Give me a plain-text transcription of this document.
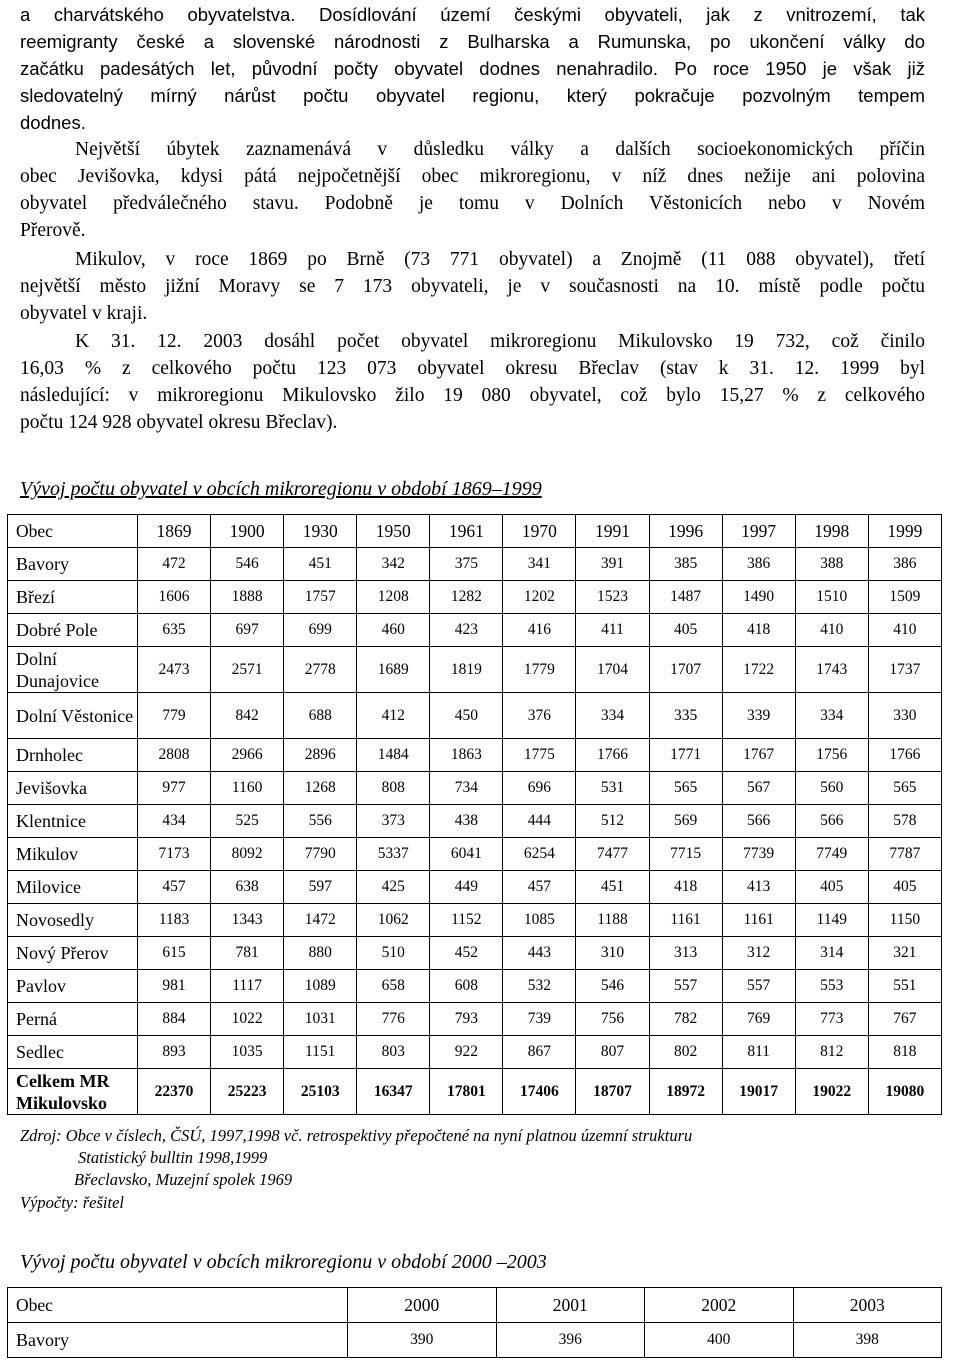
a charvátského obyvatelstva. Dosídlování území českými obyvateli, jak z vnitrozemí, tak
reemigranty české a slovenské národnosti z Bulharska a Rumunska, po ukončení války do
začátku padesátých let, původní počty obyvatel dodnes nenahradilo. Po roce 1950 je však již
sledovatelný mírný nárůst počtu obyvatel regionu, který pokračuje pozvolným tempem
dodnes.
Největší úbytek zaznamenává v důsledku války a dalších socioekonomických příčin
obec Jevišovka, kdysi pátá nejpočetnější obec mikroregionu, v níž dnes nežije ani polovina
obyvatel předválečného stavu. Podobně je tomu v Dolních Věstonicích nebo v Novém
Přerově.
Mikulov, v roce 1869 po Brně (73 771 obyvatel) a Znojmě (11 088 obyvatel), třetí
největší město jižní Moravy se 7 173 obyvateli, je v současnosti na 10. místě podle počtu
obyvatel v kraji.
K 31. 12. 2003 dosáhl počet obyvatel mikroregionu Mikulovsko 19 732, což činilo
16,03 % z celkového počtu 123 073 obyvatel okresu Břeclav (stav k 31. 12. 1999 byl
následující: v mikroregionu Mikulovsko žilo 19 080 obyvatel, což bylo 15,27 % z celkového
počtu 124 928 obyvatel okresu Břeclav).
Vývoj počtu obyvatel v obcích mikroregionu v období 1869–1999
Obec	1869	1900	1930	1950	1961	1970	1991	1996	1997	1998	1999
Bavory	472	546	451	342	375	341	391	385	386	388	386
Březí	1606	1888	1757	1208	1282	1202	1523	1487	1490	1510	1509
Dobré Pole	635	697	699	460	423	416	411	405	418	410	410
Dolní Dunajovice	2473	2571	2778	1689	1819	1779	1704	1707	1722	1743	1737
Dolní Věstonice	779	842	688	412	450	376	334	335	339	334	330
Drnholec	2808	2966	2896	1484	1863	1775	1766	1771	1767	1756	1766
Jevišovka	977	1160	1268	808	734	696	531	565	567	560	565
Klentnice	434	525	556	373	438	444	512	569	566	566	578
Mikulov	7173	8092	7790	5337	6041	6254	7477	7715	7739	7749	7787
Milovice	457	638	597	425	449	457	451	418	413	405	405
Novosedly	1183	1343	1472	1062	1152	1085	1188	1161	1161	1149	1150
Nový Přerov	615	781	880	510	452	443	310	313	312	314	321
Pavlov	981	1117	1089	658	608	532	546	557	557	553	551
Perná	884	1022	1031	776	793	739	756	782	769	773	767
Sedlec	893	1035	1151	803	922	867	807	802	811	812	818
Celkem MR Mikulovsko	22370	25223	25103	16347	17801	17406	18707	18972	19017	19022	19080
Zdroj: Obce v číslech, ČSÚ, 1997,1998 vč. retrospektivy přepočtené na nyní platnou územní strukturu
Statistický bulltin 1998,1999
Břeclavsko, Muzejní spolek 1969
Výpočty: řešitel
Vývoj počtu obyvatel v obcích mikroregionu v období 2000 –2003
Obec	2000	2001	2002	2003
Bavory	390	396	400	398
